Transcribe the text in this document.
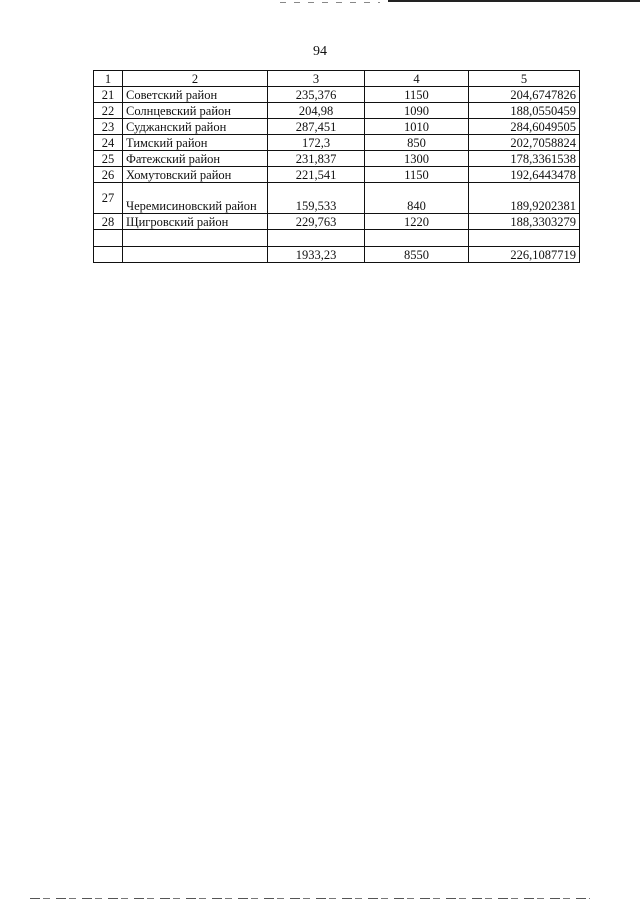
94
1	2	3	4	5
21	Советский район	235,376	1150	204,6747826
22	Солнцевский район	204,98	1090	188,0550459
23	Суджанский район	287,451	1010	284,6049505
24	Тимский район	172,3	850	202,7058824
25	Фатежский район	231,837	1300	178,3361538
26	Хомутовский район	221,541	1150	192,6443478
27	Черемисиновский район	159,533	840	189,9202381
28	Щигровский район	229,763	1220	188,3303279

		1933,23	8550	226,1087719
